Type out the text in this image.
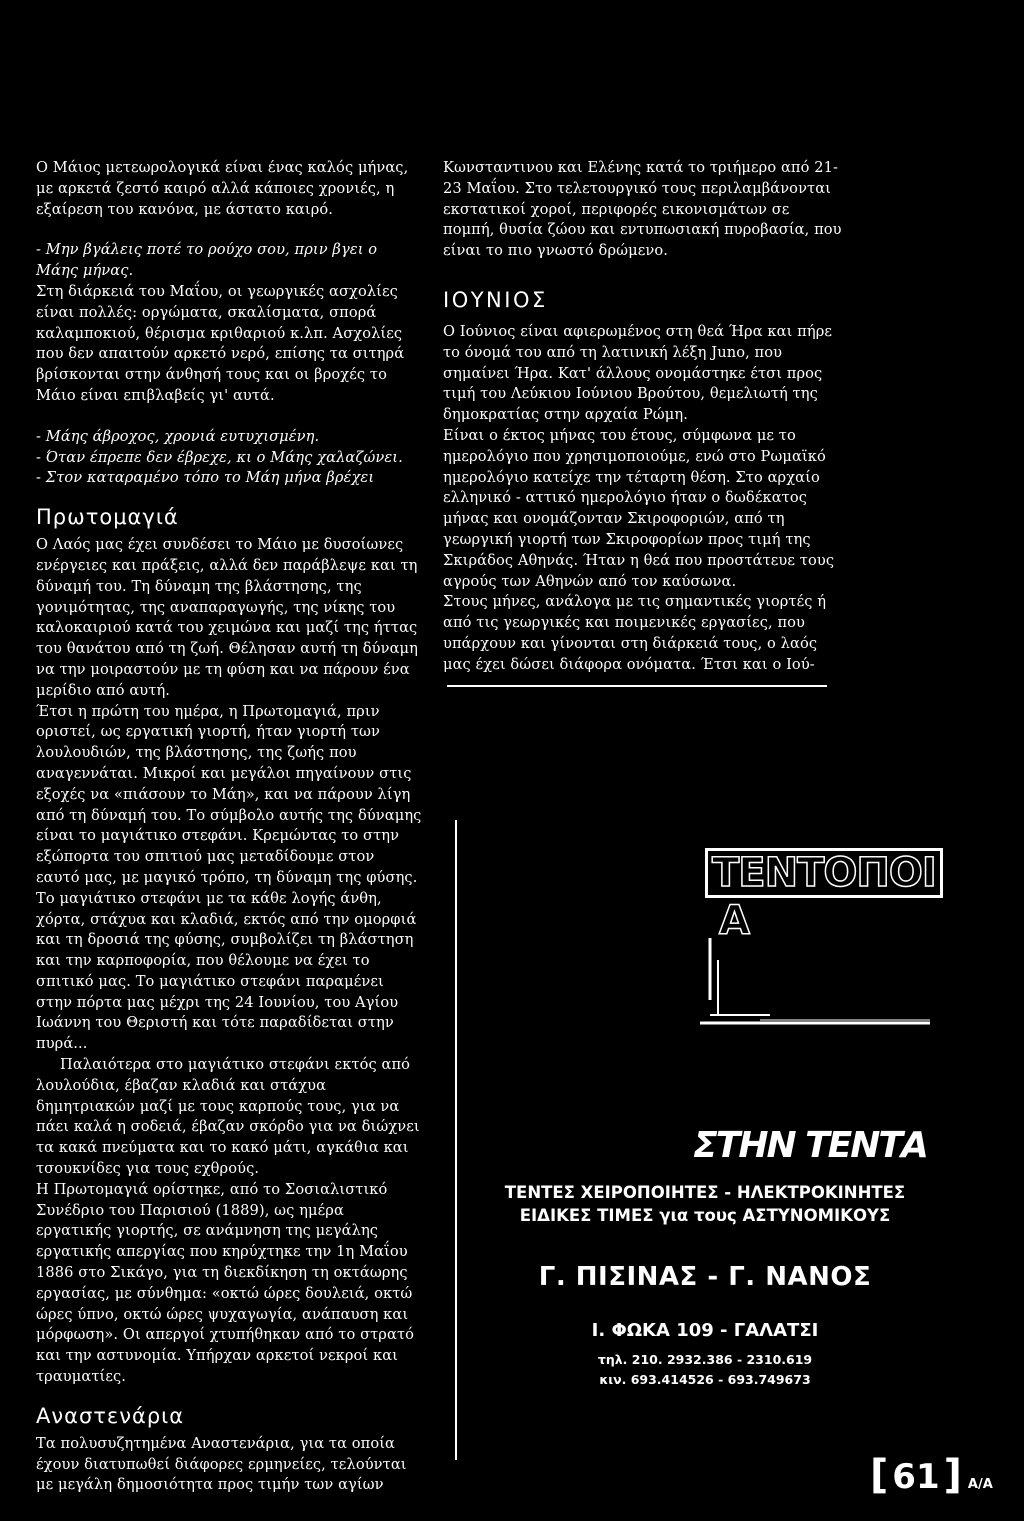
Ο Μάιος μετεωρολογικά είναι ένας καλός μήνας, με αρκετά ζεστό καιρό αλλά κάποιες χρονιές, η εξαίρεση του κανόνα, με άστατο καιρό.

- Μην βγάλεις ποτέ το ρούχο σου, πριν βγει ο Μάης μήνας.

Στη διάρκειά του Μαΐου, οι γεωργικές ασχολίες είναι πολλές: οργώματα, σκαλίσματα, σπορά καλαμποκιού, θέρισμα κριθαριού κ.λπ. Ασχολίες που δεν απαιτούν αρκετό νερό, επίσης τα σιτηρά βρίσκονται στην άνθησή τους και οι βροχές το Μάιο είναι επιβλαβείς γι' αυτά.

- Μάης άβροχος, χρονιά ευτυχισμένη.

- Όταν έπρεπε δεν έβρεχε, κι ο Μάης χαλαζώνει.

- Στον καταραμένο τόπο το Μάη μήνα βρέχει

Πρωτομαγιά

Ο Λαός μας έχει συνδέσει το Μάιο με δυσοίωνες ενέργειες και πράξεις, αλλά δεν παράβλεψε και τη δύναμή του. Τη δύναμη της βλάστησης, της γονιμότητας, της αναπαραγωγής, της νίκης του καλοκαιριού κατά του χειμώνα και μαζί της ήττας του θανάτου από τη ζωή. Θέλησαν αυτή τη δύναμη να την μοιραστούν με τη φύση και να πάρουν ένα μερίδιο από αυτή.

Έτσι η πρώτη του ημέρα, η Πρωτομαγιά, πριν οριστεί, ως εργατική γιορτή, ήταν γιορτή των λουλουδιών, της βλάστησης, της ζωής που αναγεννάται. Μικροί και μεγάλοι πηγαίνουν στις εξοχές να «πιάσουν το Μάη», και να πάρουν λίγη από τη δύναμή του. Το σύμβολο αυτής της δύναμης είναι το μαγιάτικο στεφάνι. Κρεμώντας το στην εξώπορτα του σπιτιού μας μεταδίδουμε στον εαυτό μας, με μαγικό τρόπο, τη δύναμη της φύσης.

Το μαγιάτικο στεφάνι με τα κάθε λογής άνθη, χόρτα, στάχυα και κλαδιά, εκτός από την ομορφιά και τη δροσιά της φύσης, συμβολίζει τη βλάστηση και την καρποφορία, που θέλουμε να έχει το σπιτικό μας. Το μαγιάτικο στεφάνι παραμένει στην πόρτα μας μέχρι της 24 Ιουνίου, του Αγίου Ιωάννη του Θεριστή και τότε παραδίδεται στην πυρά...

Παλαιότερα στο μαγιάτικο στεφάνι εκτός από λουλούδια, έβαζαν κλαδιά και στάχυα δημητριακών μαζί με τους καρπούς τους, για να πάει καλά η σοδειά, έβαζαν σκόρδο για να διώχνει τα κακά πνεύματα και το κακό μάτι, αγκάθια και τσουκνίδες για τους εχθρούς.

Η Πρωτομαγιά ορίστηκε, από το Σοσιαλιστικό Συνέδριο του Παρισιού (1889), ως ημέρα εργατικής γιορτής, σε ανάμνηση της μεγάλης εργατικής απεργίας που κηρύχτηκε την 1η Μαΐου 1886 στο Σικάγο, για τη διεκδίκηση τη οκτάωρης εργασίας, με σύνθημα: «οκτώ ώρες δουλειά, οκτώ ώρες ύπνο, οκτώ ώρες ψυχαγωγία, ανάπαυση και μόρφωση». Οι απεργοί χτυπήθηκαν από το στρατό και την αστυνομία. Υπήρχαν αρκετοί νεκροί και τραυματίες.

Αναστενάρια

Τα πολυσυζητημένα Αναστενάρια, για τα οποία έχουν διατυπωθεί διάφορες ερμηνείες, τελούνται με μεγάλη δημοσιότητα προς τιμήν των αγίων

Κωνσταντινου και Ελένης κατά το τριήμερο από 21-23 Μαΐου. Στο τελετουργικό τους περιλαμβάνονται εκστατικοί χοροί, περιφορές εικονισμάτων σε πομπή, θυσία ζώου και εντυπωσιακή πυροβασία, που είναι το πιο γνωστό δρώμενο.

ΙΟΥΝΙΟΣ

Ο Ιούνιος είναι αφιερωμένος στη θεά Ήρα και πήρε το όνομά του από τη λατινική λέξη Juno, που σημαίνει Ήρα. Κατ' άλλους ονομάστηκε έτσι προς τιμή του Λεύκιου Ιούνιου Βρούτου, θεμελιωτή της δημοκρατίας στην αρχαία Ρώμη.

Είναι ο έκτος μήνας του έτους, σύμφωνα με το ημερολόγιο που χρησιμοποιούμε, ενώ στο Ρωμαϊκό ημερολόγιο κατείχε την τέταρτη θέση. Στο αρχαίο ελληνικό - αττικό ημερολόγιο ήταν ο δωδέκατος μήνας και ονομάζονταν Σκιροφοριών, από τη γεωργική γιορτή των Σκιροφορίων προς τιμή της Σκιράδος Αθηνάς. Ήταν η θεά που προστάτευε τους αγρούς των Αθηνών από τον καύσωνα.

Στους μήνες, ανάλογα με τις σημαντικές γιορτές ή από τις γεωργικές και ποιμενικές εργασίες, που υπάρχουν και γίνονται στη διάρκειά τους, ο λαός μας έχει δώσει διάφορα ονόματα. Έτσι και ο Ιού-

ΤΕΝΤΟΠΟΙ Α
ΣΤΗΝ ΤΕΝΤΑ
ΤΕΝΤΕΣ ΧΕΙΡΟΠΟΙΗΤΕΣ - ΗΛΕΚΤΡΟΚΙΝΗΤΕΣ
ΕΙΔΙΚΕΣ ΤΙΜΕΣ για τους ΑΣΤΥΝΟΜΙΚΟΥΣ
Γ. ΠΙΣΙΝΑΣ - Γ. ΝΑΝΟΣ
Ι. ΦΩΚΑ 109 - ΓΑΛΑΤΣΙ
τηλ. 210. 2932.386 - 2310.619
κιν. 693.414526 - 693.749673
[ 61 ] A/A
